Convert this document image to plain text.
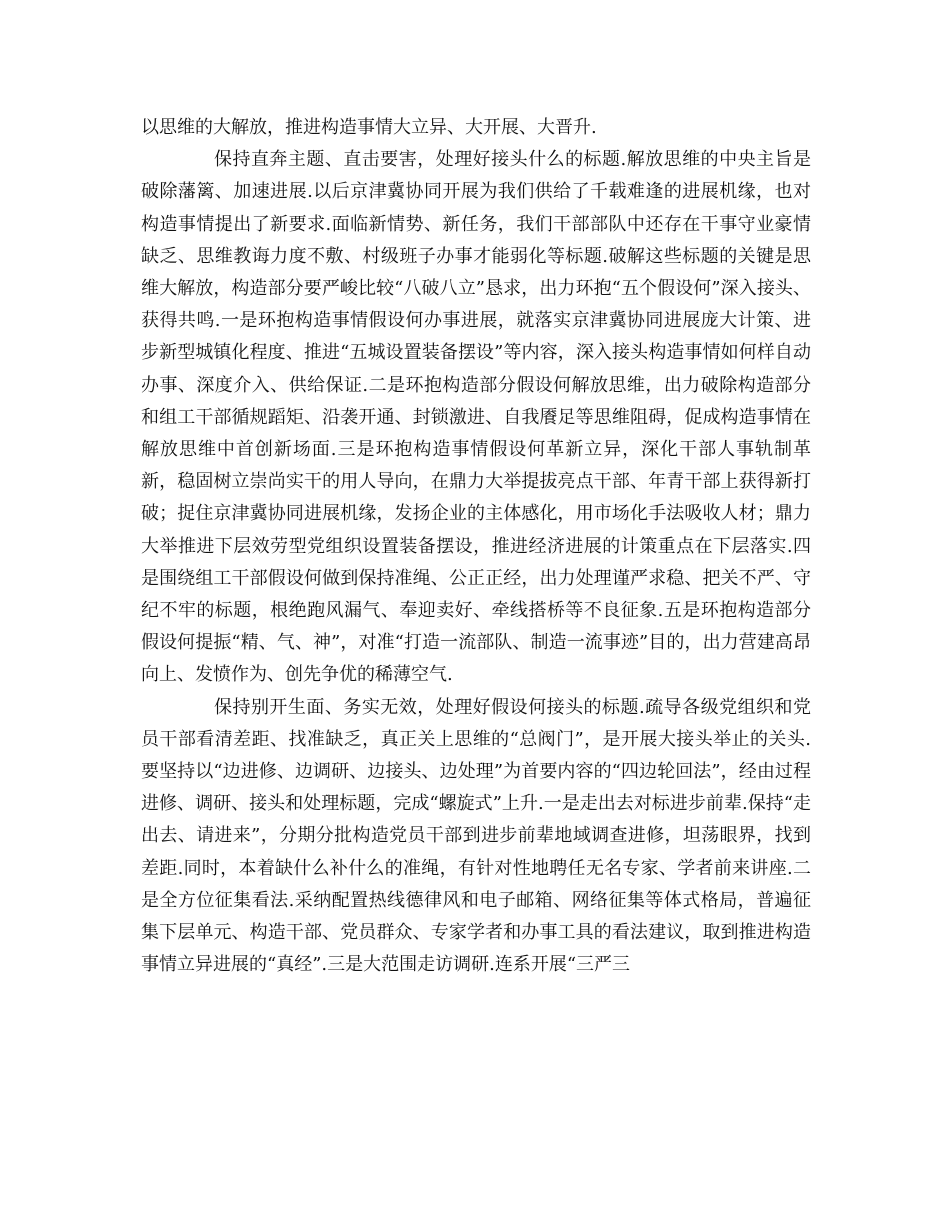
以思维的大解放，推进构造事情大立异、大开展、大晋升.

保持直奔主题、直击要害，处理好接头什么的标题.解放思维的中央主旨是破除藩篱、加速进展.以后京津冀协同开展为我们供给了千载难逢的进展机缘，也对构造事情提出了新要求.面临新情势、新任务，我们干部部队中还存在干事守业豪情缺乏、思维教诲力度不敷、村级班子办事才能弱化等标题.破解这些标题的关键是思维大解放，构造部分要严峻比较“八破八立”恳求，出力环抱“五个假设何”深入接头、获得共鸣.一是环抱构造事情假设何办事进展，就落实京津冀协同进展庞大计策、进步新型城镇化程度、推进“五城设置装备摆设”等内容，深入接头构造事情如何样自动办事、深度介入、供给保证.二是环抱构造部分假设何解放思维，出力破除构造部分和组工干部循规蹈矩、沿袭开通、封锁激进、自我餍足等思维阻碍，促成构造事情在解放思维中首创新场面.三是环抱构造事情假设何革新立异，深化干部人事轨制革新，稳固树立崇尚实干的用人导向，在鼎力大举提拔亮点干部、年青干部上获得新打破；捉住京津冀协同进展机缘，发扬企业的主体感化，用市场化手法吸收人材；鼎力大举推进下层效劳型党组织设置装备摆设，推进经济进展的计策重点在下层落实.四是围绕组工干部假设何做到保持准绳、公正正经，出力处理谨严求稳、把关不严、守纪不牢的标题，根绝跑风漏气、奉迎卖好、牵线搭桥等不良征象.五是环抱构造部分假设何提振“精、气、神”，对准“打造一流部队、制造一流事迹”目的，出力营建高昂向上、发愤作为、创先争优的稀薄空气.

保持别开生面、务实无效，处理好假设何接头的标题.疏导各级党组织和党员干部看清差距、找准缺乏，真正关上思维的“总阀门”，是开展大接头举止的关头.要坚持以“边进修、边调研、边接头、边处理”为首要内容的“四边轮回法”，经由过程进修、调研、接头和处理标题，完成“螺旋式”上升.一是走出去对标进步前辈.保持“走出去、请进来”，分期分批构造党员干部到进步前辈地域调查进修，坦荡眼界，找到差距.同时，本着缺什么补什么的准绳，有针对性地聘任无名专家、学者前来讲座.二是全方位征集看法.采纳配置热线德律风和电子邮箱、网络征集等体式格局，普遍征集下层单元、构造干部、党员群众、专家学者和办事工具的看法建议，取到推进构造事情立异进展的“真经”.三是大范围走访调研.连系开展“三严三
